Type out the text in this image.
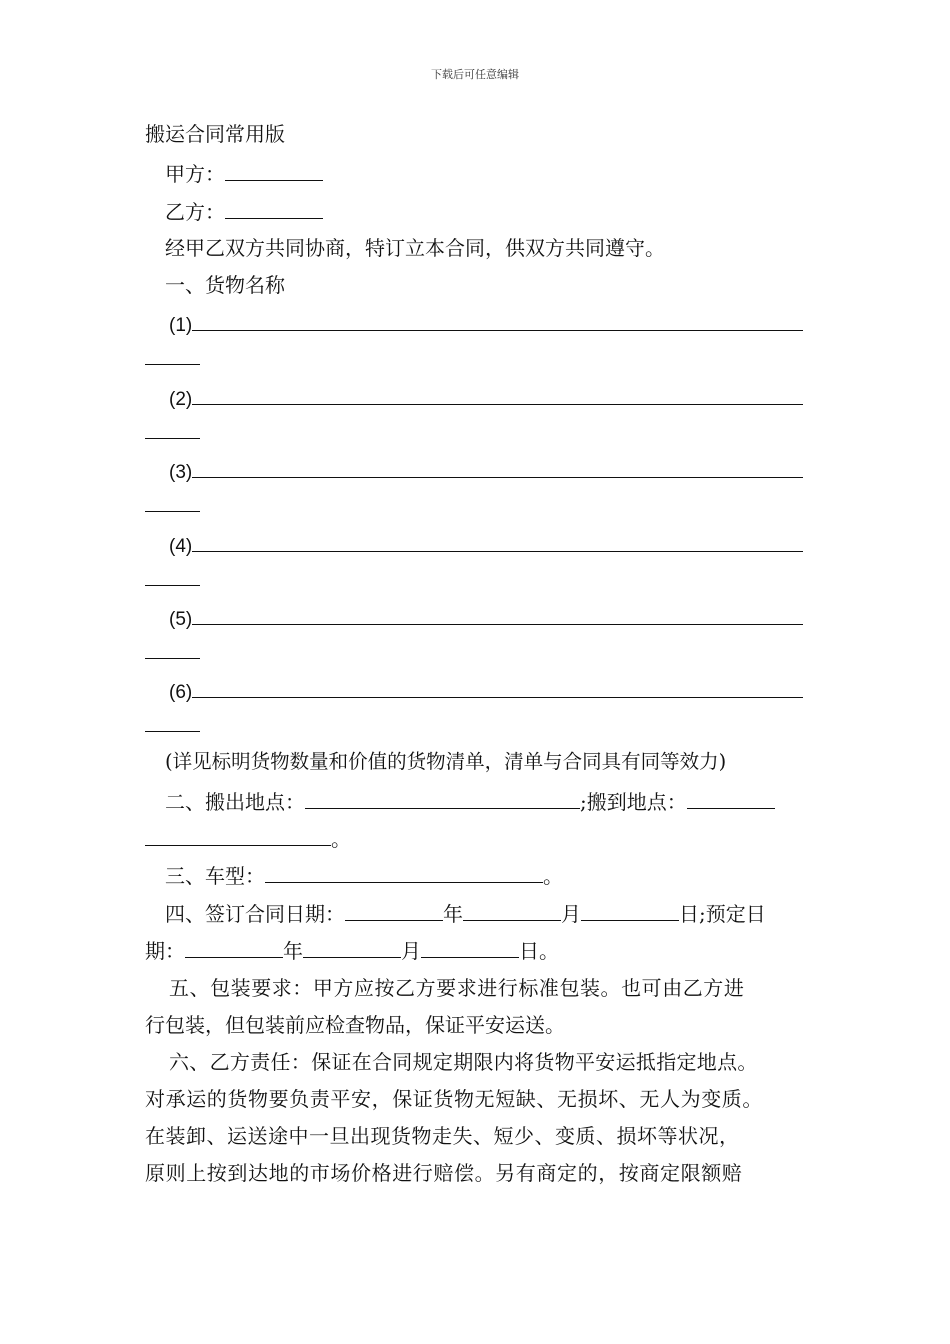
下载后可任意编辑
搬运合同常用版
甲方：
乙方：
经甲乙双方共同协商，特订立本合同，供双方共同遵守。
一、货物名称
(1)
(2)
(3)
(4)
(5)
(6)
(详见标明货物数量和价值的货物清单，清单与合同具有同等效力)
二、搬出地点：	;搬到地点：
。
三、车型：	。
四、签订合同日期：	年	月	日;预定日
期：	年	月	日。
五、包装要求：甲方应按乙方要求进行标准包装。也可由乙方进
行包装，但包装前应检查物品，保证平安运送。
六、乙方责任：保证在合同规定期限内将货物平安运抵指定地点。
对承运的货物要负责平安，保证货物无短缺、无损坏、无人为变质。
在装卸、运送途中一旦出现货物走失、短少、变质、损坏等状况，
原则上按到达地的市场价格进行赔偿。另有商定的，按商定限额赔
